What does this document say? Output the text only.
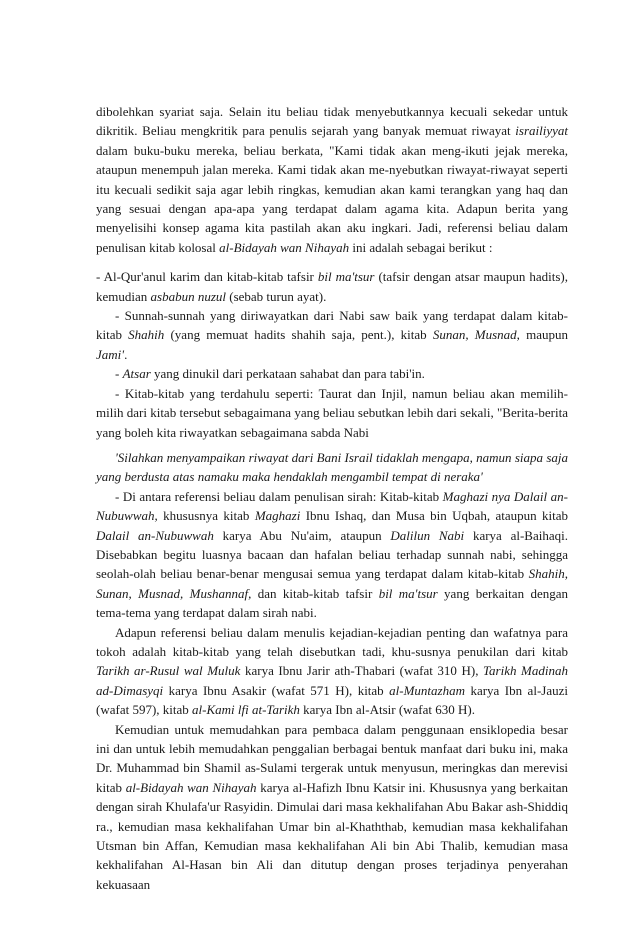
dibolehkan syariat saja. Selain itu beliau tidak menyebutkannya kecuali sekedar untuk dikritik. Beliau mengkritik para penulis sejarah yang banyak memuat riwayat israiliyyat dalam buku-buku mereka, beliau berkata, "Kami tidak akan meng-ikuti jejak mereka, ataupun menempuh jalan mereka. Kami tidak akan me-nyebutkan riwayat-riwayat seperti itu kecuali sedikit saja agar lebih ringkas, kemudian akan kami terangkan yang haq dan yang sesuai dengan apa-apa yang terdapat dalam agama kita. Adapun berita yang menyelisihi konsep agama kita pastilah akan aku ingkari. Jadi, referensi beliau dalam penulisan kitab kolosal al-Bidayah wan Nihayah ini adalah sebagai berikut :

- Al-Qur'anul karim dan kitab-kitab tafsir bil ma'tsur (tafsir dengan atsar maupun hadits), kemudian asbabun nuzul (sebab turun ayat).

- Sunnah-sunnah yang diriwayatkan dari Nabi saw baik yang terdapat dalam kitab-kitab Shahih (yang memuat hadits shahih saja, pent.), kitab Sunan, Musnad, maupun Jami'.

- Atsar yang dinukil dari perkataan sahabat dan para tabi'in.

- Kitab-kitab yang terdahulu seperti: Taurat dan Injil, namun beliau akan memilih-milih dari kitab tersebut sebagaimana yang beliau sebutkan lebih dari sekali, "Berita-berita yang boleh kita riwayatkan sebagaimana sabda Nabi

'Silahkan menyampaikan riwayat dari Bani Israil tidaklah mengapa, namun siapa saja yang berdusta atas namaku maka hendaklah mengambil tempat di neraka'

- Di antara referensi beliau dalam penulisan sirah: Kitab-kitab Maghazi nya Dalail an-Nubuwwah, khususnya kitab Maghazi Ibnu Ishaq, dan Musa bin Uqbah, ataupun kitab Dalail an-Nubuwwah karya Abu Nu'aim, ataupun Dalilun Nabi karya al-Baihaqi. Disebabkan begitu luasnya bacaan dan hafalan beliau terhadap sunnah nabi, sehingga seolah-olah beliau benar-benar mengusai semua yang terdapat dalam kitab-kitab Shahih, Sunan, Musnad, Mushannaf, dan kitab-kitab tafsir bil ma'tsur yang berkaitan dengan tema-tema yang terdapat dalam sirah nabi.

Adapun referensi beliau dalam menulis kejadian-kejadian penting dan wafatnya para tokoh adalah kitab-kitab yang telah disebutkan tadi, khu-susnya penukilan dari kitab Tarikh ar-Rusul wal Muluk karya Ibnu Jarir ath-Thabari (wafat 310 H), Tarikh Madinah ad-Dimasyqi karya Ibnu Asakir (wafat 571 H), kitab al-Muntazham karya Ibn al-Jauzi (wafat 597), kitab al-Kami lfi at-Tarikh karya Ibn al-Atsir (wafat 630 H).

Kemudian untuk memudahkan para pembaca dalam penggunaan ensiklopedia besar ini dan untuk lebih memudahkan penggalian berbagai bentuk manfaat dari buku ini, maka Dr. Muhammad bin Shamil as-Sulami tergerak untuk menyusun, meringkas dan merevisi kitab al-Bidayah wan Nihayah karya al-Hafizh Ibnu Katsir ini. Khususnya yang berkaitan dengan sirah Khulafa'ur Rasyidin. Dimulai dari masa kekhalifahan Abu Bakar ash-Shiddiq ra., kemudian masa kekhalifahan Umar bin al-Khaththab, kemudian masa kekhalifahan Utsman bin Affan, Kemudian masa kekhalifahan Ali bin Abi Thalib, kemudian masa kekhalifahan Al-Hasan bin Ali dan ditutup dengan proses terjadinya penyerahan kekuasaan
